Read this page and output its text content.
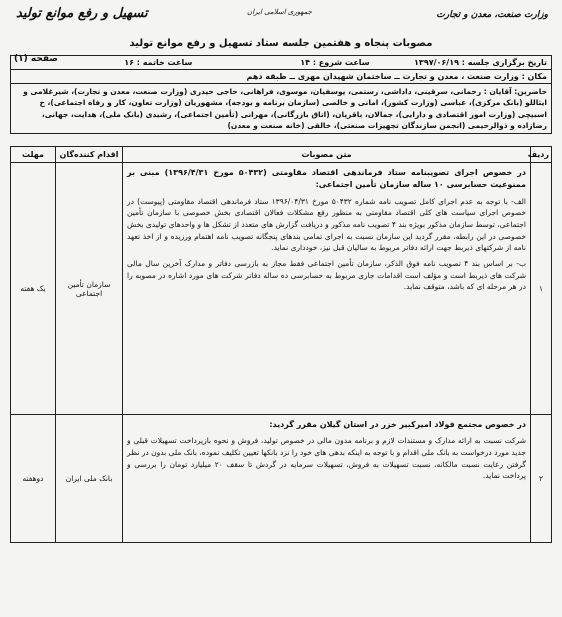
وزارت صنعت، معدن و تجارت
جمهوری اسلامی ایران
تسهیل و رفع موانع تولید
مصوبات پنجاه و هفتمین جلسه ستاد تسهیل و رفع موانع تولید
صفحه (۱)	تاریخ برگزاری جلسه : ۱۳۹۷/۰۶/۱۹
ساعت شروع : ۱۴
ساعت خاتمه : ۱۶
مکان : وزارت صنعت ، معدن و تجارت ــ ساختمان شهیدان مهری ــ طبقه دهم
حاضرین: آقایان : رحمانی، سرقینی، داداشی، رستمی، یوسفیان، موسوی، فراهانی، حاجی حیدری (وزارت صنعت، معدن و تجارت)، شیرغلامی و ایثاللو (بانک مرکزی)، عباسی (وزارت کشور)، امانی و خالصی (سازمان برنامه و بودجه)، مشهوریان (وزارت تعاون، کار و رفاه اجتماعی)، خ اسبیچی (وزارت امور اقتصادی و دارایی)، جمالان، باقریان، (اتاق بازرگانی)، مهرانی (تأمین اجتماعی)، رشیدی (بانک ملی)، هدایت، جهانی، رضازاده و ذوالرحیمی (انجمن سازندگان تجهیزات صنعتی)، خالقی (خانه صنعت و معدن)
ردیف	متن مصوبات	اقدام کننده‌گان	مهلت
۱	در خصوص اجرای تصویبنامه ستاد فرماندهی اقتصاد مقاومتی (۵۰۴۳۲ مورخ ۱۳۹۶/۴/۳۱) مبنی بر ممنوعیت حسابرسی ۱۰ ساله سازمان تأمین اجتماعی:

الف- با توجه به عدم اجرای کامل تصویب نامه شماره ۵۰۴۳۲ مورخ ۱۳۹۶/۰۴/۳۱ ستاد فرماندهی اقتصاد مقاومتی (پیوست) در خصوص اجرای سیاست های کلی اقتصاد مقاومتی به منظور رفع مشکلات فعالان اقتصادی بخش خصوصی با سازمان تأمین اجتماعی، توسط سازمان مذکور بویژه بند ۴ تصویب نامه مذکور و دریافت گزارش های متعدد از تشکل ها و واحدهای تولیدی بخش خصوصی در این رابطه، مقرر گردید این سازمان نسبت به اجرای تمامی بندهای پنجگانه تصویب نامه اهتمام ورزیده و از اخذ تعهد نامه از شرکتهای ذیربط جهت ارائه دفاتر مربوط به سالیان قبل نیز، خودداری نماید.

ب- بر اساس بند ۴ تصویب نامه فوق الذکر، سازمان تأمین اجتماعی فقط مجاز به بازرسی دفاتر و مدارک آخرین سال مالی شرکت های ذیربط است و مؤلف است اقدامات جاری مربوط به حسابرسی ده ساله دفاتر شرکت های مورد اشاره در مصوبه را در هر مرحله ای که باشد، متوقف نماید.	سازمان تأمین اجتماعی	یک هفته
۲	در خصوص مجتمع فولاد امیرکبیر خزر در استان گیلان مقرر گردید:

شرکت نسبت به ارائه مدارک و مستندات لازم و برنامه مدون مالی در خصوص تولید، فروش و نحوه بازپرداخت تسهیلات قبلی و جدید مورد درخواست به بانک ملی اقدام و با توجه به اینکه بدهی های خود را نزد بانکها تعیین تکلیف نموده، بانک ملی بدون در نظر گرفتن رعایت نسبت مالکانه، نسبت تسهیلات به فروش، تسهیلات سرمایه در گردش تا سقف ۲۰ میلیارد تومان را بررسی و پرداخت نماید.	بانک ملی ایران	دوهفته
